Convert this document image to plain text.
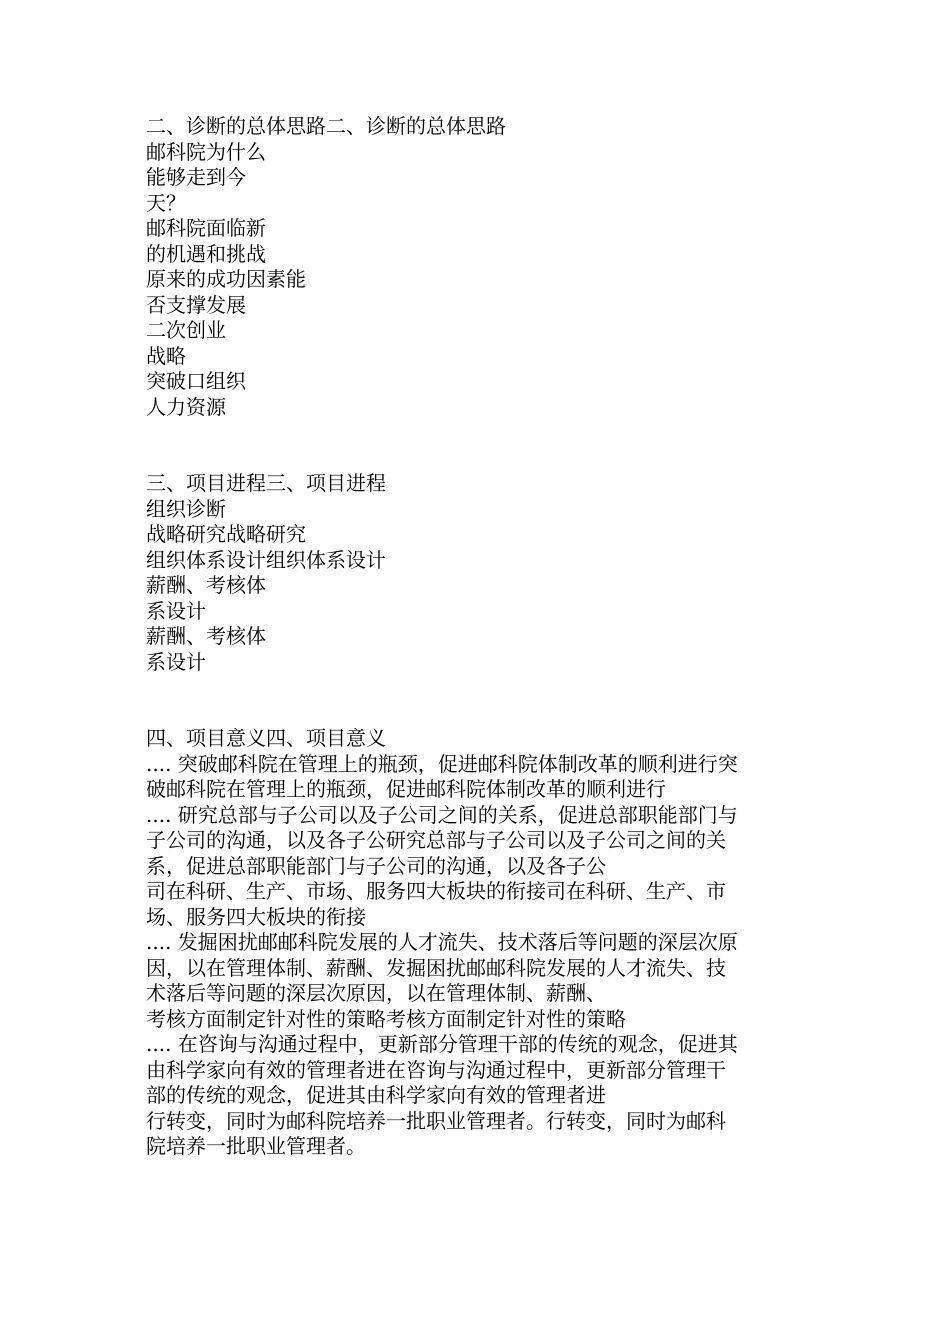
二、诊断的总体思路二、诊断的总体思路
邮科院为什么
能够走到今
天？
邮科院面临新
的机遇和挑战
原来的成功因素能
否支撑发展
二次创业
战略
突破口组织
人力资源
三、项目进程三、项目进程
组织诊断
战略研究战略研究
组织体系设计组织体系设计
薪酬、考核体
系设计
薪酬、考核体
系设计
四、项目意义四、项目意义
.... 突破邮科院在管理上的瓶颈，促进邮科院体制改革的顺利进行突
破邮科院在管理上的瓶颈，促进邮科院体制改革的顺利进行
.... 研究总部与子公司以及子公司之间的关系，促进总部职能部门与
子公司的沟通，以及各子公研究总部与子公司以及子公司之间的关
系，促进总部职能部门与子公司的沟通，以及各子公
司在科研、生产、市场、服务四大板块的衔接司在科研、生产、市
场、服务四大板块的衔接
.... 发掘困扰邮邮科院发展的人才流失、技术落后等问题的深层次原
因，以在管理体制、薪酬、发掘困扰邮邮科院发展的人才流失、技
术落后等问题的深层次原因，以在管理体制、薪酬、
考核方面制定针对性的策略考核方面制定针对性的策略
.... 在咨询与沟通过程中，更新部分管理干部的传统的观念，促进其
由科学家向有效的管理者进在咨询与沟通过程中，更新部分管理干
部的传统的观念，促进其由科学家向有效的管理者进
行转变，同时为邮科院培养一批职业管理者。行转变，同时为邮科
院培养一批职业管理者。
